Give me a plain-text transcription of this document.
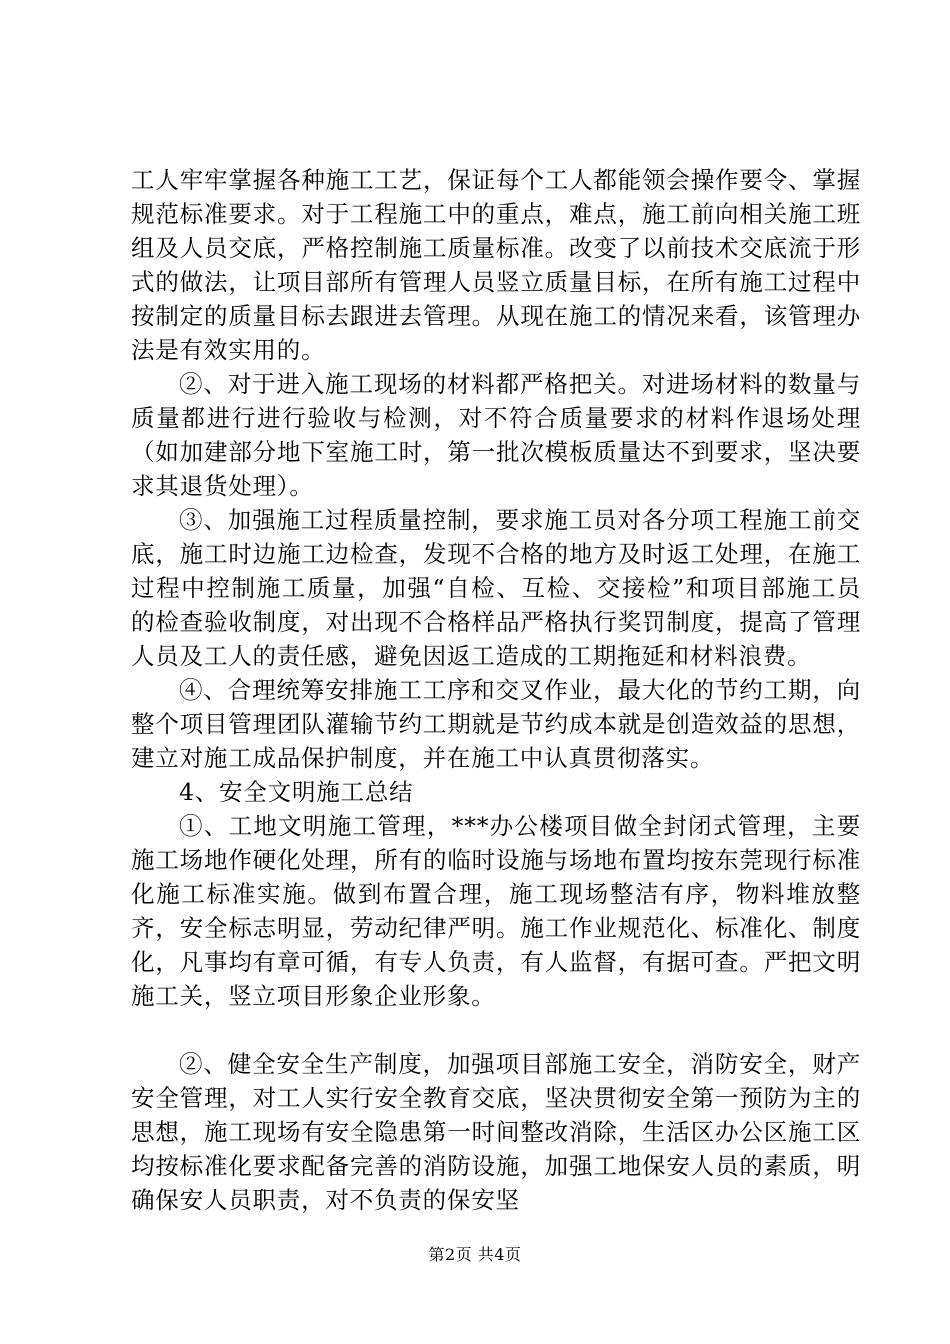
工人牢牢掌握各种施工工艺，保证每个工人都能领会操作要令、掌握规范标准要求。对于工程施工中的重点，难点，施工前向相关施工班组及人员交底，严格控制施工质量标准。改变了以前技术交底流于形式的做法，让项目部所有管理人员竖立质量目标，在所有施工过程中按制定的质量目标去跟进去管理。从现在施工的情况来看，该管理办法是有效实用的。

②、对于进入施工现场的材料都严格把关。对进场材料的数量与质量都进行进行验收与检测，对不符合质量要求的材料作退场处理（如加建部分地下室施工时，第一批次模板质量达不到要求，坚决要求其退货处理）。

③、加强施工过程质量控制，要求施工员对各分项工程施工前交底，施工时边施工边检查，发现不合格的地方及时返工处理，在施工过程中控制施工质量，加强“自检、互检、交接检”和项目部施工员的检查验收制度，对出现不合格样品严格执行奖罚制度，提高了管理人员及工人的责任感，避免因返工造成的工期拖延和材料浪费。

④、合理统筹安排施工工序和交叉作业，最大化的节约工期，向整个项目管理团队灌输节约工期就是节约成本就是创造效益的思想，建立对施工成品保护制度，并在施工中认真贯彻落实。

4、安全文明施工总结

①、工地文明施工管理，***办公楼项目做全封闭式管理，主要施工场地作硬化处理，所有的临时设施与场地布置均按东莞现行标准化施工标准实施。做到布置合理，施工现场整洁有序，物料堆放整齐，安全标志明显，劳动纪律严明。施工作业规范化、标准化、制度化，凡事均有章可循，有专人负责，有人监督，有据可查。严把文明施工关，竖立项目形象企业形象。

②、健全安全生产制度，加强项目部施工安全，消防安全，财产安全管理，对工人实行安全教育交底，坚决贯彻安全第一预防为主的思想，施工现场有安全隐患第一时间整改消除，生活区办公区施工区均按标准化要求配备完善的消防设施，加强工地保安人员的素质，明确保安人员职责，对不负责的保安坚

第2页 共4页
